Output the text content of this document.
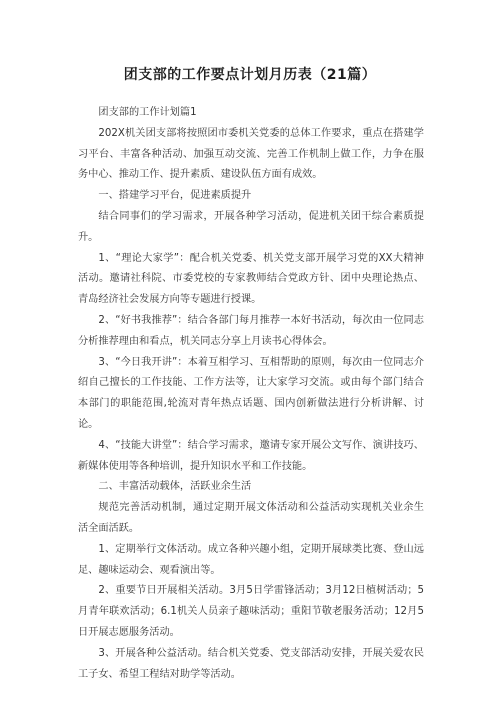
团支部的工作要点计划月历表（21篇）

团支部的工作计划篇1

202X机关团支部将按照团市委机关党委的总体工作要求，重点在搭建学习平台、丰富各种活动、加强互动交流、完善工作机制上做工作，力争在服务中心、推动工作、提升素质、建设队伍方面有成效。

一、搭建学习平台，促进素质提升

结合同事们的学习需求，开展各种学习活动，促进机关团干综合素质提升。

1、“理论大家学”：配合机关党委、机关党支部开展学习党的XX大精神活动。邀请社科院、市委党校的专家教师结合党政方针、团中央理论热点、青岛经济社会发展方向等专题进行授课。

2、“好书我推荐”：结合各部门每月推荐一本好书活动，每次由一位同志分析推荐理由和看点，机关同志分享上月读书心得体会。

3、“今日我开讲”：本着互相学习、互相帮助的原则，每次由一位同志介绍自己擅长的工作技能、工作方法等，让大家学习交流。或由每个部门结合本部门的职能范围,轮流对青年热点话题、国内创新做法进行分析讲解、讨论。

4、“技能大讲堂”：结合学习需求，邀请专家开展公文写作、演讲技巧、新媒体使用等各种培训，提升知识水平和工作技能。

二、丰富活动载体，活跃业余生活

规范完善活动机制，通过定期开展文体活动和公益活动实现机关业余生活全面活跃。

1、定期举行文体活动。成立各种兴趣小组，定期开展球类比赛、登山远足、趣味运动会、观看演出等。

2、重要节日开展相关活动。3月5日学雷锋活动；3月12日植树活动；5月青年联欢活动；6.1机关人员亲子趣味活动；重阳节敬老服务活动；12月5日开展志愿服务活动。

3、开展各种公益活动。结合机关党委、党支部活动安排，开展关爱农民工子女、希望工程结对助学等活动。
